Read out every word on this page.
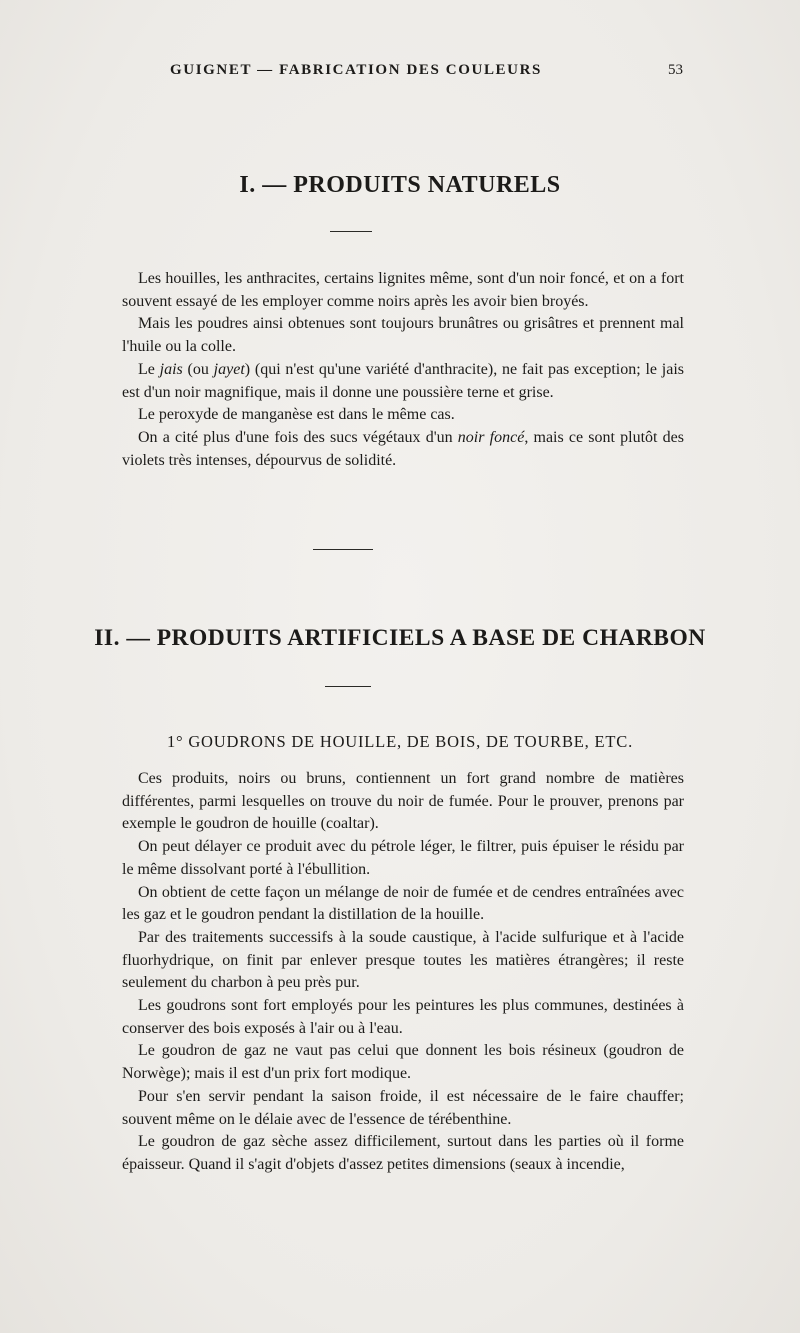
GUIGNET — FABRICATION DES COULEURS	53
I. — PRODUITS NATURELS

Les houilles, les anthracites, certains lignites même, sont d'un noir foncé, et on a fort souvent essayé de les employer comme noirs après les avoir bien broyés.

Mais les poudres ainsi obtenues sont toujours brunâtres ou grisâtres et prennent mal l'huile ou la colle.

Le jais (ou jayet) (qui n'est qu'une variété d'anthracite), ne fait pas exception; le jais est d'un noir magnifique, mais il donne une poussière terne et grise.

Le peroxyde de manganèse est dans le même cas.

On a cité plus d'une fois des sucs végétaux d'un noir foncé, mais ce sont plutôt des violets très intenses, dépourvus de solidité.

II. — PRODUITS ARTIFICIELS A BASE DE CHARBON
1° GOUDRONS DE HOUILLE, DE BOIS, DE TOURBE, ETC.

Ces produits, noirs ou bruns, contiennent un fort grand nombre de matières différentes, parmi lesquelles on trouve du noir de fumée. Pour le prouver, prenons par exemple le goudron de houille (coaltar).

On peut délayer ce produit avec du pétrole léger, le filtrer, puis épuiser le résidu par le même dissolvant porté à l'ébullition.

On obtient de cette façon un mélange de noir de fumée et de cendres entraînées avec les gaz et le goudron pendant la distillation de la houille.

Par des traitements successifs à la soude caustique, à l'acide sulfurique et à l'acide fluorhydrique, on finit par enlever presque toutes les matières étrangères; il reste seulement du charbon à peu près pur.

Les goudrons sont fort employés pour les peintures les plus communes, destinées à conserver des bois exposés à l'air ou à l'eau.

Le goudron de gaz ne vaut pas celui que donnent les bois résineux (goudron de Norwège); mais il est d'un prix fort modique.

Pour s'en servir pendant la saison froide, il est nécessaire de le faire chauffer; souvent même on le délaie avec de l'essence de térébenthine.

Le goudron de gaz sèche assez difficilement, surtout dans les parties où il forme épaisseur. Quand il s'agit d'objets d'assez petites dimensions (seaux à incendie,
